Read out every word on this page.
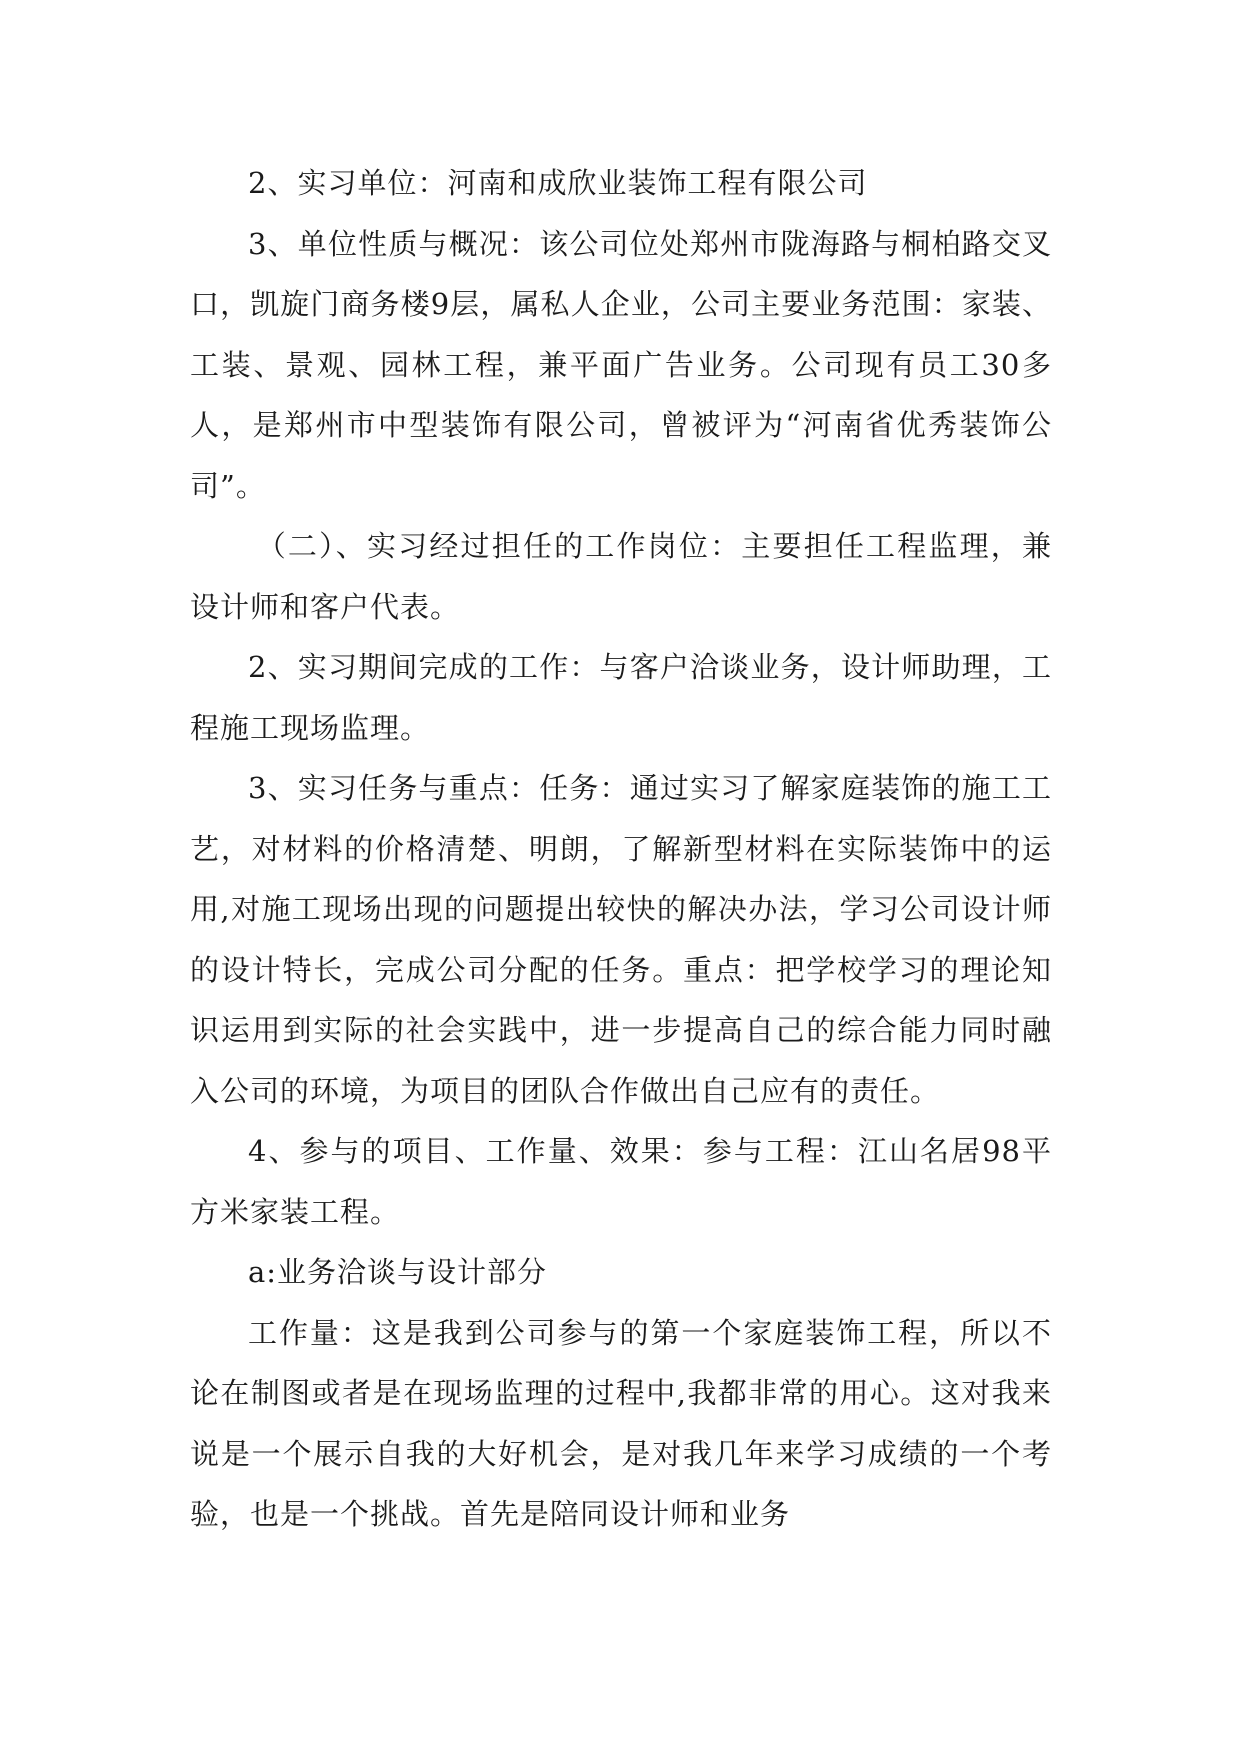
2、实习单位：河南和成欣业装饰工程有限公司

3、单位性质与概况：该公司位处郑州市陇海路与桐柏路交叉口，凯旋门商务楼9层，属私人企业，公司主要业务范围：家装、工装、景观、园林工程，兼平面广告业务。公司现有员工30多人，是郑州市中型装饰有限公司，曾被评为“河南省优秀装饰公司”。

（二）、实习经过担任的工作岗位：主要担任工程监理，兼设计师和客户代表。

2、实习期间完成的工作：与客户洽谈业务，设计师助理，工程施工现场监理。

3、实习任务与重点：任务：通过实习了解家庭装饰的施工工艺，对材料的价格清楚、明朗，了解新型材料在实际装饰中的运用,对施工现场出现的问题提出较快的解决办法，学习公司设计师的设计特长，完成公司分配的任务。重点：把学校学习的理论知识运用到实际的社会实践中，进一步提高自己的综合能力同时融入公司的环境，为项目的团队合作做出自己应有的责任。

4、参与的项目、工作量、效果：参与工程：江山名居98平方米家装工程。

a:业务洽谈与设计部分

工作量：这是我到公司参与的第一个家庭装饰工程，所以不论在制图或者是在现场监理的过程中,我都非常的用心。这对我来说是一个展示自我的大好机会，是对我几年来学习成绩的一个考验，也是一个挑战。首先是陪同设计师和业务
